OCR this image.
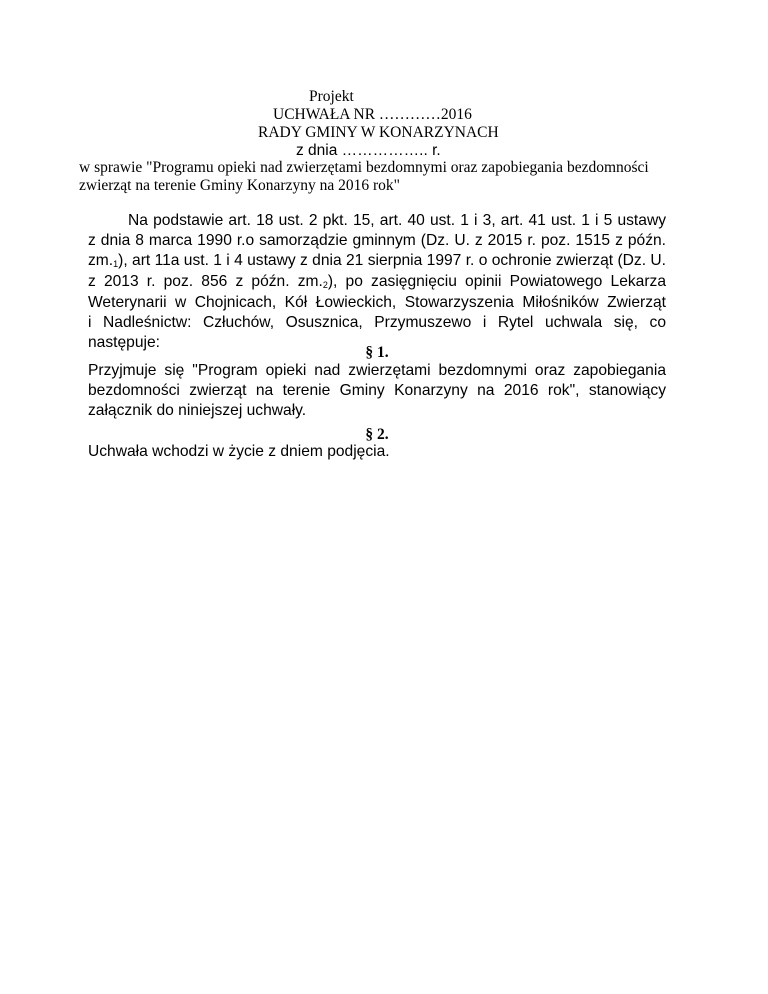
Projekt
UCHWAŁA NR …………2016
RADY GMINY W KONARZYNACH
z dnia …………….. r.
w sprawie "Programu opieki nad zwierzętami bezdomnymi oraz zapobiegania bezdomności
zwierząt na terenie Gminy Konarzyny na 2016 rok"
Na podstawie art. 18 ust. 2 pkt. 15, art. 40 ust. 1 i 3, art. 41 ust. 1 i 5 ustawy
z dnia 8 marca 1990 r.o samorządzie gminnym (Dz. U. z 2015 r. poz. 1515 z późn.
zm.1), art 11a ust. 1 i 4 ustawy z dnia 21 sierpnia 1997 r. o ochronie zwierząt (Dz. U.
z 2013 r. poz. 856 z późn. zm.2), po zasięgnięciu opinii Powiatowego Lekarza
Weterynarii w Chojnicach, Kół Łowieckich, Stowarzyszenia Miłośników Zwierząt
i Nadleśnictw: Człuchów, Osusznica, Przymuszewo i Rytel uchwala się, co
następuje:
§ 1.
Przyjmuje się "Program opieki nad zwierzętami bezdomnymi oraz zapobiegania
bezdomności zwierząt na terenie Gminy Konarzyny na 2016 rok", stanowiący
załącznik do niniejszej uchwały.
§ 2.
Uchwała wchodzi w życie z dniem podjęcia.
